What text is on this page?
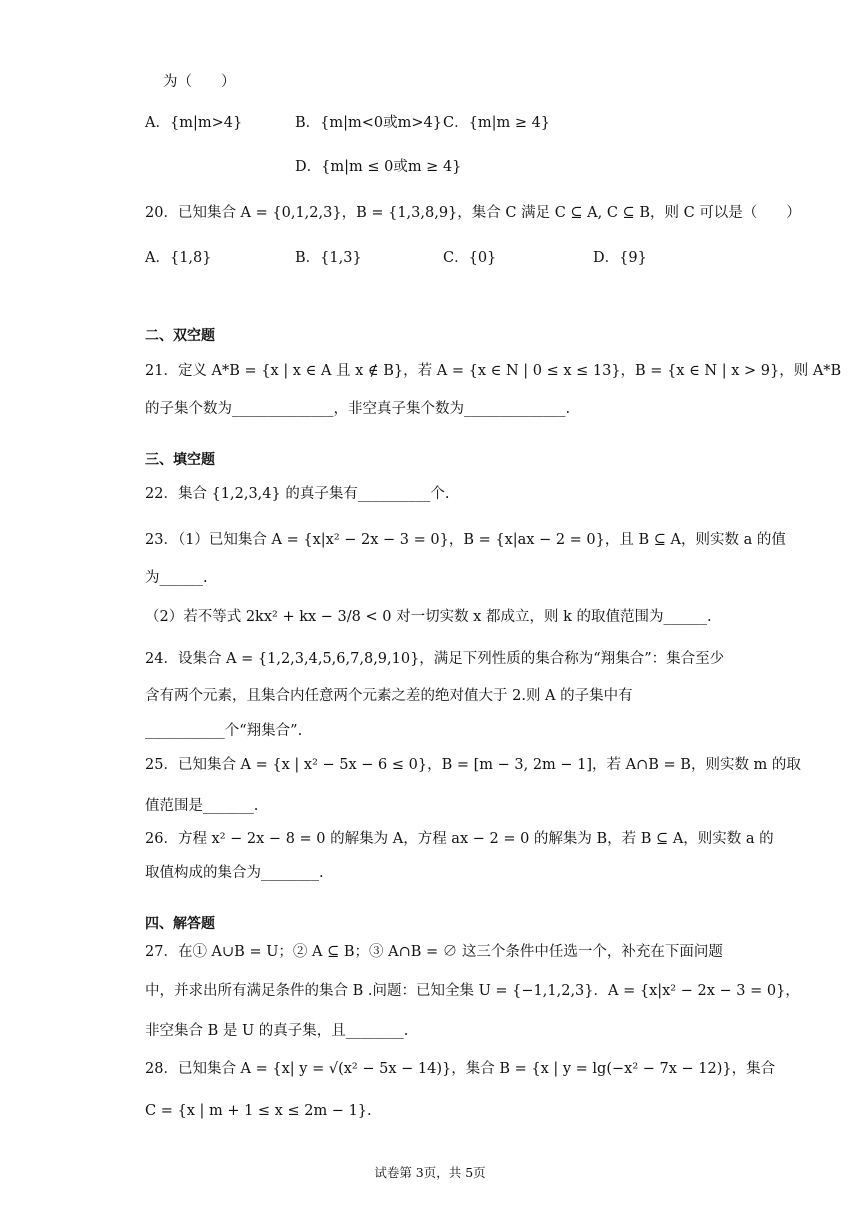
为（　　）
A．{m|m>4}	B．{m|m<0或m>4} C．{m|m ≥ 4}
D．{m|m ≤ 0或m ≥ 4}
20．已知集合 A = {0,1,2,3}，B = {1,3,8,9}，集合 C 满足 C ⊆ A, C ⊆ B，则 C 可以是（　　）
A．{1,8}	B．{1,3}	C．{0}	D．{9}
二、双空题
21．定义 A*B = {x | x ∈ A 且 x ∉ B}，若 A = {x ∈ N | 0 ≤ x ≤ 13}，B = {x ∈ N | x > 9}，则 A*B
的子集个数为______________，非空真子集个数为______________.
三、填空题
22．集合 {1,2,3,4} 的真子集有__________个.
23．（1）已知集合 A = {x|x² − 2x − 3 = 0}，B = {x|ax − 2 = 0}，且 B ⊆ A，则实数 a 的值
为______.
（2）若不等式 2kx² + kx − 3/8 < 0 对一切实数 x 都成立，则 k 的取值范围为______.
24．设集合 A = {1,2,3,4,5,6,7,8,9,10}，满足下列性质的集合称为“翔集合”：集合至少
含有两个元素，且集合内任意两个元素之差的绝对值大于 2.则 A 的子集中有
___________个“翔集合”.
25．已知集合 A = {x | x² − 5x − 6 ≤ 0}，B = [m − 3, 2m − 1]，若 A∩B = B，则实数 m 的取
值范围是_______.
26．方程 x² − 2x − 8 = 0 的解集为 A，方程 ax − 2 = 0 的解集为 B，若 B ⊆ A，则实数 a 的
取值构成的集合为________.
四、解答题
27．在① A∪B = U；② A ⊆ B；③ A∩B = ∅ 这三个条件中任选一个，补充在下面问题
中，并求出所有满足条件的集合 B .问题：已知全集 U = {−1,1,2,3}．A = {x|x² − 2x − 3 = 0}，
非空集合 B 是 U 的真子集，且________.
28．已知集合 A = {x| y = √(x² − 5x − 14)}，集合 B = {x | y = lg(−x² − 7x − 12)}，集合
C = {x | m + 1 ≤ x ≤ 2m − 1}.
试卷第 3页，共 5页
